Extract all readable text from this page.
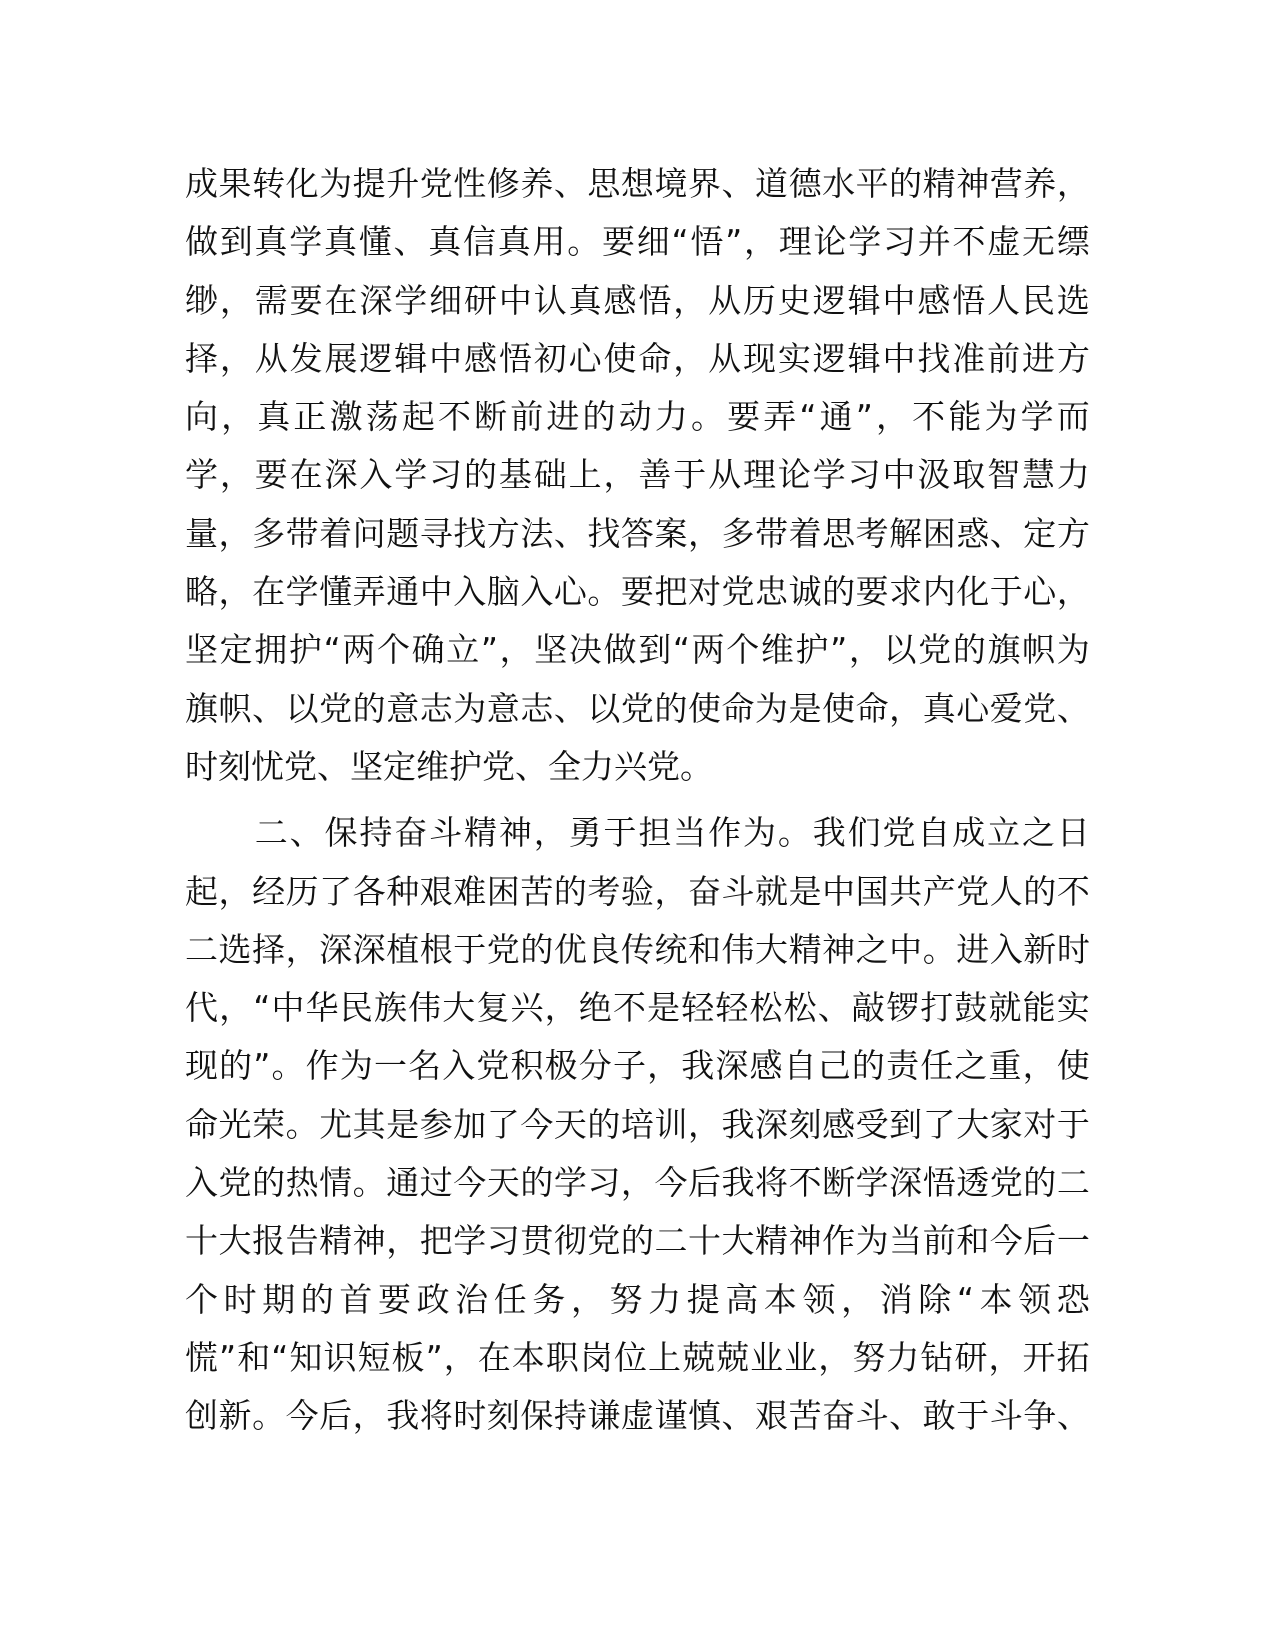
成 果 转 化 为 提 升 党 性 修 养 、 思 想 境 界 、 道 德 水 平 的 精 神 营 养 ，
做 到 真 学 真 懂 、 真 信 真 用 。 要 细 “ 悟 ” ， 理 论 学 习 并 不 虚 无 缥
缈 ， 需 要 在 深 学 细 研 中 认 真 感 悟 ， 从 历 史 逻 辑 中 感 悟 人 民 选
择 ， 从 发 展 逻 辑 中 感 悟 初 心 使 命 ， 从 现 实 逻 辑 中 找 准 前 进 方
向 ， 真 正 激 荡 起 不 断 前 进 的 动 力 。 要 弄 “ 通 ” ， 不 能 为 学 而
学 ， 要 在 深 入 学 习 的 基 础 上 ， 善 于 从 理 论 学 习 中 汲 取 智 慧 力
量 ， 多 带 着 问 题 寻 找 方 法 、 找 答 案 ， 多 带 着 思 考 解 困 惑 、 定 方
略 ， 在 学 懂 弄 通 中 入 脑 入 心 。 要 把 对 党 忠 诚 的 要 求 内 化 于 心 ，
坚 定 拥 护 “ 两 个 确 立 ” ， 坚 决 做 到 “ 两 个 维 护 ” ， 以 党 的 旗 帜 为
旗 帜 、 以 党 的 意 志 为 意 志 、 以 党 的 使 命 为 是 使 命 ， 真 心 爱 党 、
时刻忧党、坚定维护党、全力兴党。

二 、 保 持 奋 斗 精 神 ， 勇 于 担 当 作 为 。 我 们 党 自 成 立 之 日
起 ， 经 历 了 各 种 艰 难 困 苦 的 考 验 ， 奋 斗 就 是 中 国 共 产 党 人 的 不
二 选 择 ， 深 深 植 根 于 党 的 优 良 传 统 和 伟 大 精 神 之 中 。 进 入 新 时
代 ， “ 中 华 民 族 伟 大 复 兴 ， 绝 不 是 轻 轻 松 松 、 敲 锣 打 鼓 就 能 实
现 的 ” 。 作 为 一 名 入 党 积 极 分 子 ， 我 深 感 自 己 的 责 任 之 重 ， 使
命 光 荣 。 尤 其 是 参 加 了 今 天 的 培 训 ， 我 深 刻 感 受 到 了 大 家 对 于
入 党 的 热 情 。 通 过 今 天 的 学 习 ， 今 后 我 将 不 断 学 深 悟 透 党 的 二
十 大 报 告 精 神 ， 把 学 习 贯 彻 党 的 二 十 大 精 神 作 为 当 前 和 今 后 一
个 时 期 的 首 要 政 治 任 务 ， 努 力 提 高 本 领 ， 消 除 “ 本 领 恐
慌 ” 和 “ 知 识 短 板 ” ， 在 本 职 岗 位 上 兢 兢 业 业 ， 努 力 钻 研 ， 开 拓
创 新 。 今 后 ， 我 将 时 刻 保 持 谦 虚 谨 慎 、 艰 苦 奋 斗 、 敢 于 斗 争 、
